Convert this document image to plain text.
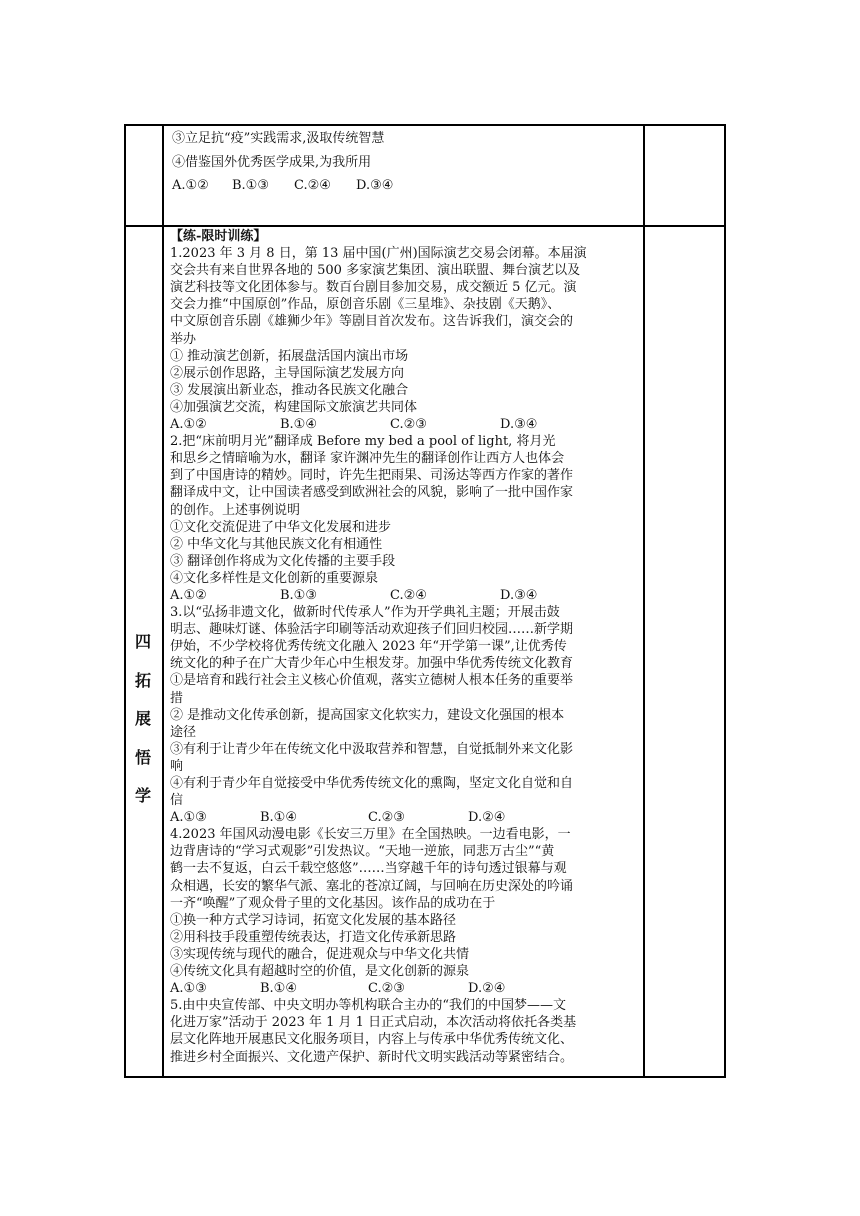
③立足抗“疫”实践需求,汲取传统智慧

④借鉴国外优秀医学成果,为我所用

A.①②	B.①③	C.②④	D.③④
四
拓
展
悟
学

【练-限时训练】

1.2023 年 3 月 8 日，第 13 届中国(广州)国际演艺交易会闭幕。本届演

交会共有来自世界各地的 500 多家演艺集团、演出联盟、舞台演艺以及

演艺科技等文化团体参与。数百台剧目参加交易，成交额近 5 亿元。演

交会力推“中国原创”作品，原创音乐剧《三星堆》、杂技剧《天鹅》、

中文原创音乐剧《雄狮少年》等剧目首次发布。这告诉我们，演交会的

举办

① 推动演艺创新，拓展盘活国内演出市场

②展示创作思路，主导国际演艺发展方向

③ 发展演出新业态，推动各民族文化融合

④加强演艺交流，构建国际文旅演艺共同体

A.①②	B.①④	C.②③	D.③④

2.把“床前明月光”翻译成 Before my bed a pool of light, 将月光

和思乡之情暗喻为水，翻译 家许渊冲先生的翻译创作让西方人也体会

到了中国唐诗的精妙。同时，许先生把雨果、司汤达等西方作家的著作

翻译成中文，让中国读者感受到欧洲社会的风貌，影响了一批中国作家

的创作。上述事例说明

①文化交流促进了中华文化发展和进步

② 中华文化与其他民族文化有相通性

③ 翻译创作将成为文化传播的主要手段

④文化多样性是文化创新的重要源泉

A.①②	B.①③	C.②④	D.③④

3.以“弘扬非遗文化，做新时代传承人”作为开学典礼主题；开展击鼓

明志、趣味灯谜、体验活字印刷等活动欢迎孩子们回归校园……新学期

伊始，不少学校将优秀传统文化融入 2023 年“开学第一课”,让优秀传

统文化的种子在广大青少年心中生根发芽。加强中华优秀传统文化教育

①是培育和践行社会主义核心价值观，落实立德树人根本任务的重要举

措

② 是推动文化传承创新，提高国家文化软实力，建设文化强国的根本

途径

③有利于让青少年在传统文化中汲取营养和智慧，自觉抵制外来文化影

响

④有利于青少年自觉接受中华优秀传统文化的熏陶，坚定文化自觉和自

信

A.①③	B.①④	C.②③	D.②④

4.2023 年国风动漫电影《长安三万里》在全国热映。一边看电影，一

边背唐诗的“学习式观影”引发热议。“天地一逆旅，同悲万古尘”“黄

鹤一去不复返，白云千载空悠悠”……当穿越千年的诗句透过银幕与观

众相遇，长安的繁华气派、塞北的苍凉辽阔，与回响在历史深处的吟诵

一齐“唤醒”了观众骨子里的文化基因。该作品的成功在于

①换一种方式学习诗词，拓宽文化发展的基本路径

②用科技手段重塑传统表达，打造文化传承新思路

③实现传统与现代的融合，促进观众与中华文化共情

④传统文化具有超越时空的价值，是文化创新的源泉

A.①③	B.①④	C.②③	D.②④

5.由中央宣传部、中央文明办等机构联合主办的“我们的中国梦——文

化进万家”活动于 2023 年 1 月 1 日正式启动，本次活动将依托各类基

层文化阵地开展惠民文化服务项目，内容上与传承中华优秀传统文化、

推进乡村全面振兴、文化遗产保护、新时代文明实践活动等紧密结合。
